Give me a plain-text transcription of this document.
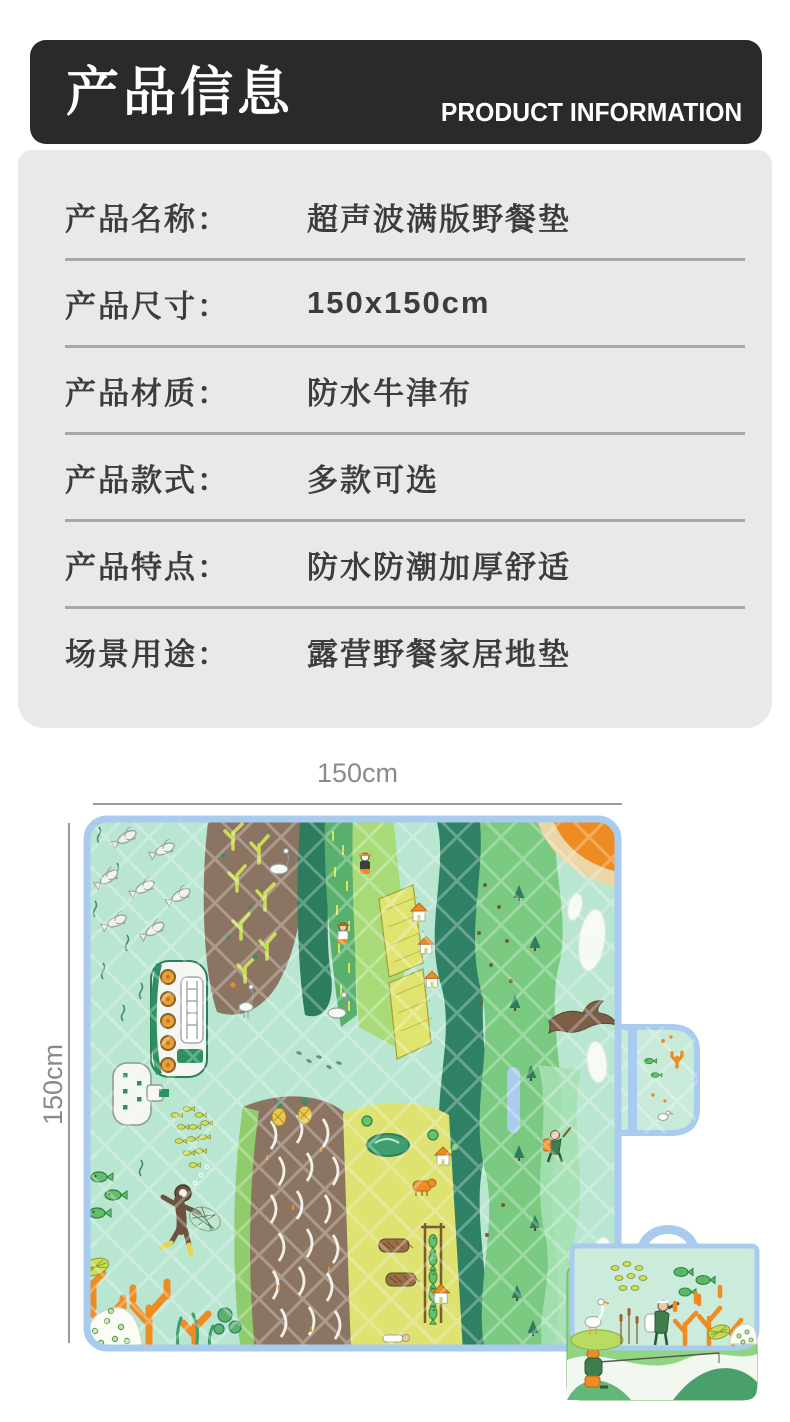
产品信息	PRODUCT INFORMATION
产品名称：	超声波满版野餐垫
产品尺寸：	150x150cm
产品材质：	防水牛津布
产品款式：	多款可选
产品特点：	防水防潮加厚舒适
场景用途：	露营野餐家居地垫
150cm
150cm
